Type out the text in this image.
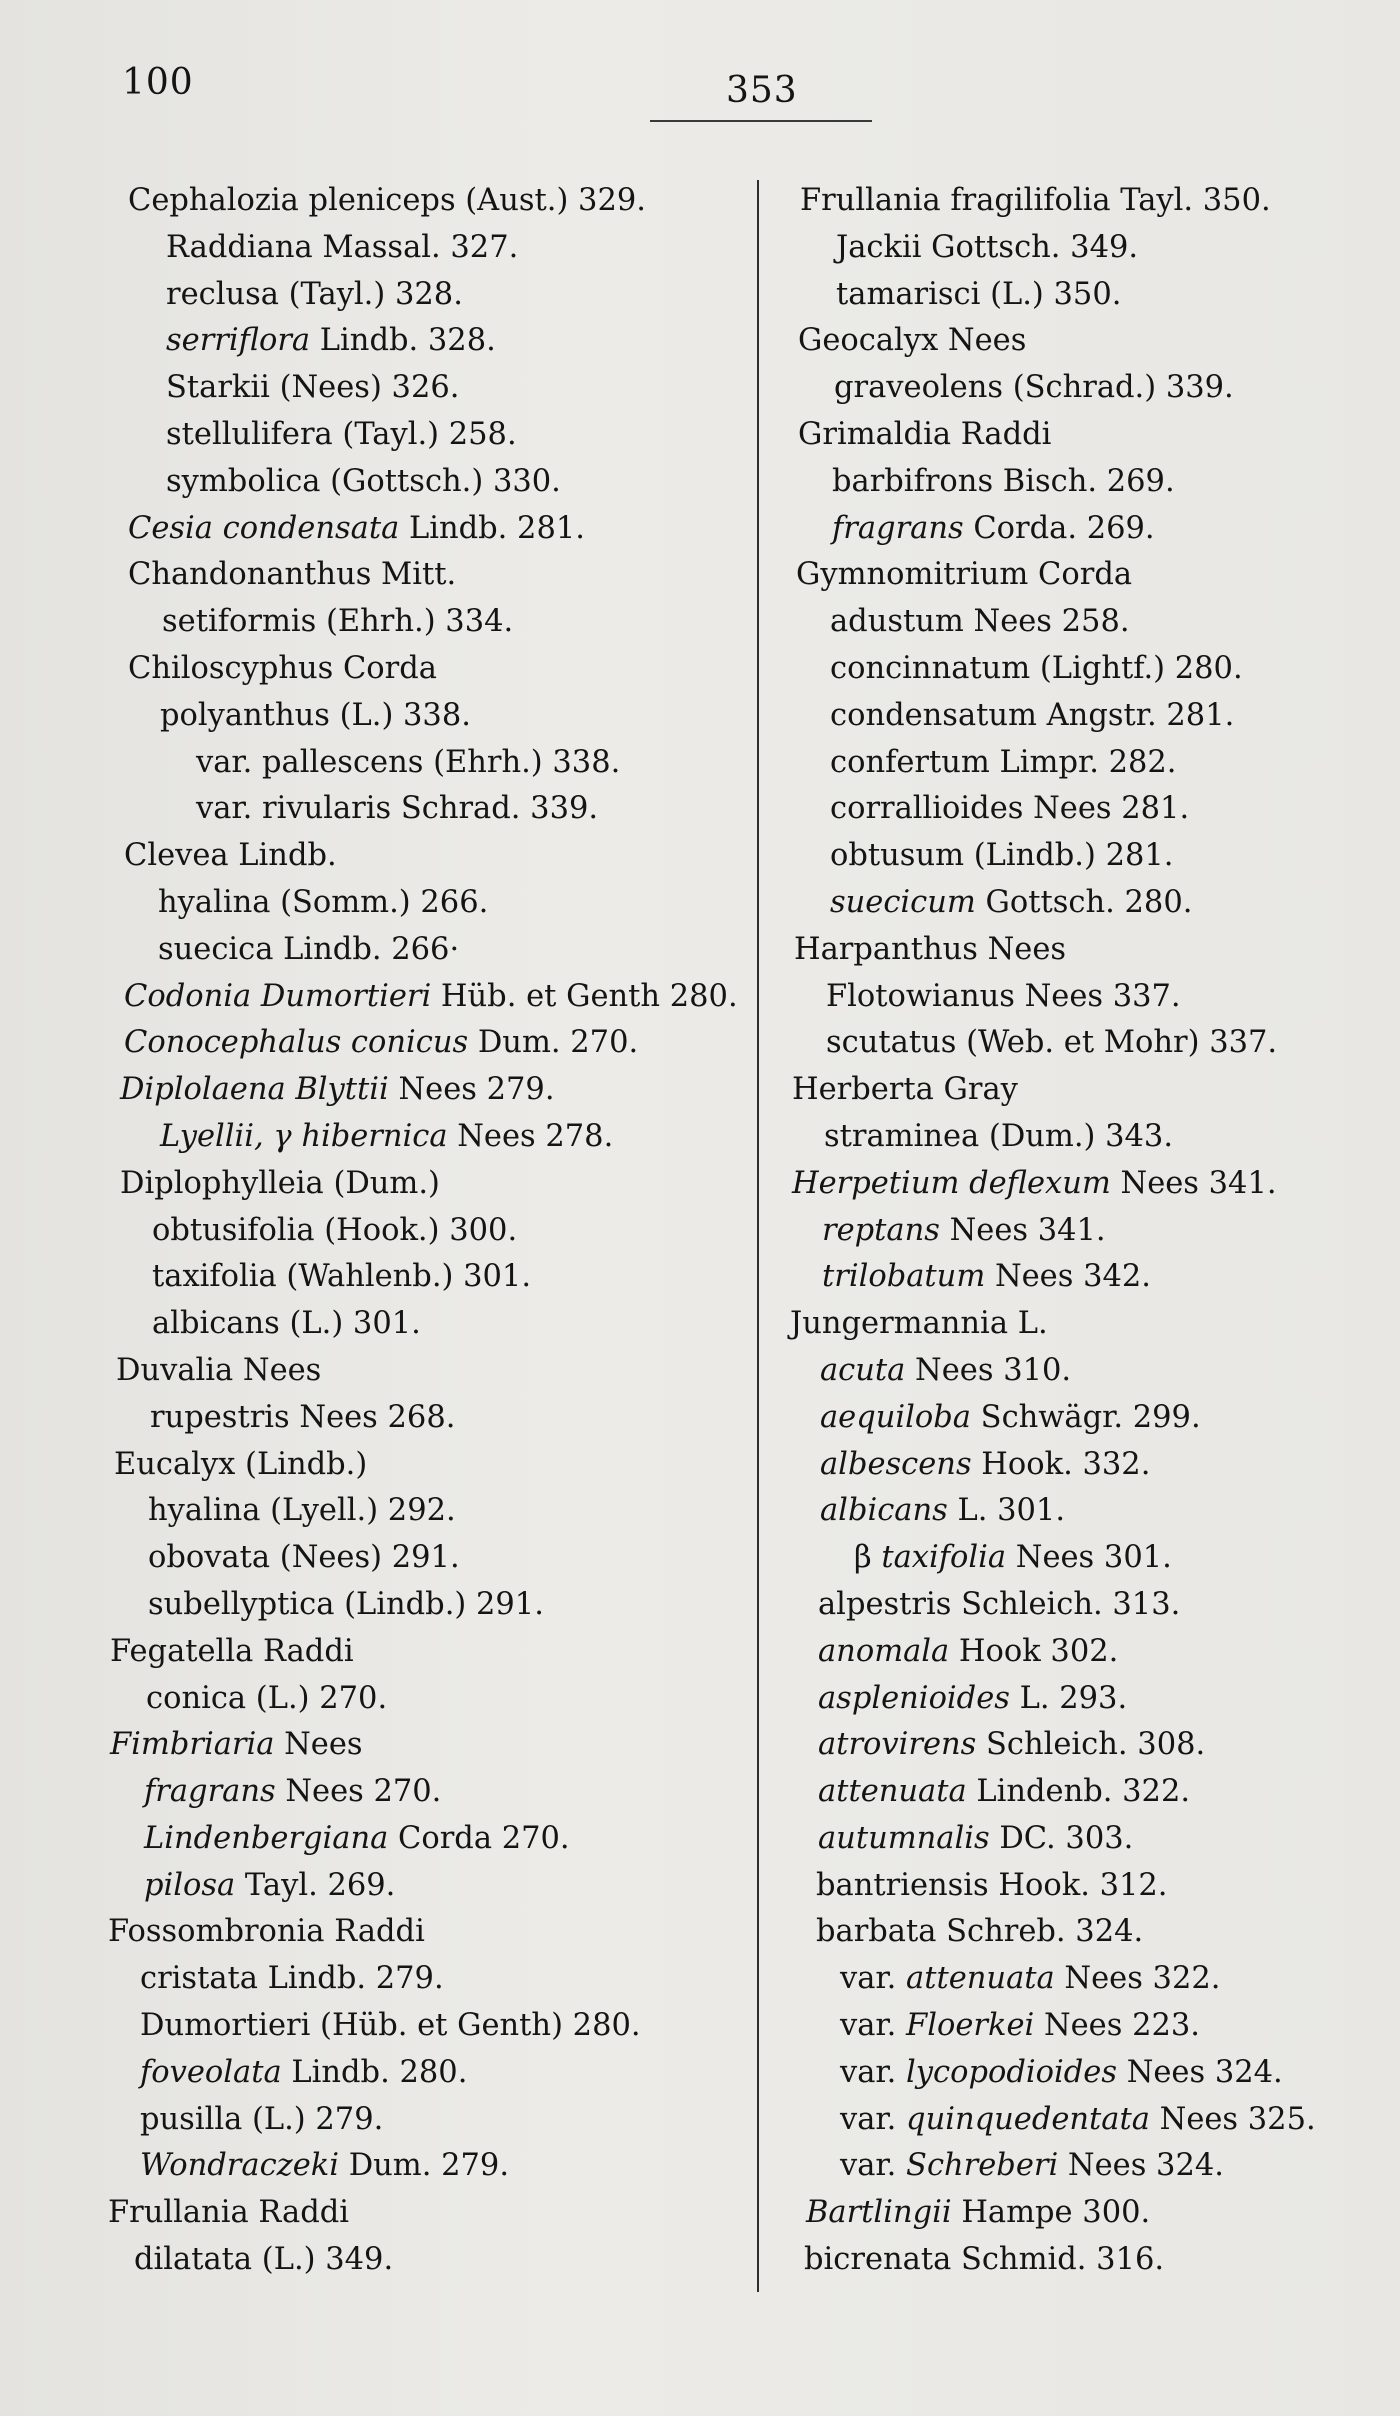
100	353
Cephalozia pleniceps (Aust.) 329.
Raddiana Massal. 327.
reclusa (Tayl.) 328.
serriflora Lindb. 328.
Starkii (Nees) 326.
stellulifera (Tayl.) 258.
symbolica (Gottsch.) 330.
Cesia condensata Lindb. 281.
Chandonanthus Mitt.
setiformis (Ehrh.) 334.
Chiloscyphus Corda
polyanthus (L.) 338.
var. pallescens (Ehrh.) 338.
var. rivularis Schrad. 339.
Clevea Lindb.
hyalina (Somm.) 266.
suecica Lindb. 266·
Codonia Dumortieri Hüb. et Genth 280.
Conocephalus conicus Dum. 270.
Diplolaena Blyttii Nees 279.
Lyellii, γ hibernica Nees 278.
Diplophylleia (Dum.)
obtusifolia (Hook.) 300.
taxifolia (Wahlenb.) 301.
albicans (L.) 301.
Duvalia Nees
rupestris Nees 268.
Eucalyx (Lindb.)
hyalina (Lyell.) 292.
obovata (Nees) 291.
subellyptica (Lindb.) 291.
Fegatella Raddi
conica (L.) 270.
Fimbriaria Nees
fragrans Nees 270.
Lindenbergiana Corda 270.
pilosa Tayl. 269.
Fossombronia Raddi
cristata Lindb. 279.
Dumortieri (Hüb. et Genth) 280.
foveolata Lindb. 280.
pusilla (L.) 279.
Wondraczeki Dum. 279.
Frullania Raddi
dilatata (L.) 349.
Frullania fragilifolia Tayl. 350.
Jackii Gottsch. 349.
tamarisci (L.) 350.
Geocalyx Nees
graveolens (Schrad.) 339.
Grimaldia Raddi
barbifrons Bisch. 269.
fragrans Corda. 269.
Gymnomitrium Corda
adustum Nees 258.
concinnatum (Lightf.) 280.
condensatum Angstr. 281.
confertum Limpr. 282.
corrallioides Nees 281.
obtusum (Lindb.) 281.
suecicum Gottsch. 280.
Harpanthus Nees
Flotowianus Nees 337.
scutatus (Web. et Mohr) 337.
Herberta Gray
straminea (Dum.) 343.
Herpetium deflexum Nees 341.
reptans Nees 341.
trilobatum Nees 342.
Jungermannia L.
acuta Nees 310.
aequiloba Schwägr. 299.
albescens Hook. 332.
albicans L. 301.
β taxifolia Nees 301.
alpestris Schleich. 313.
anomala Hook 302.
asplenioides L. 293.
atrovirens Schleich. 308.
attenuata Lindenb. 322.
autumnalis DC. 303.
bantriensis Hook. 312.
barbata Schreb. 324.
var. attenuata Nees 322.
var. Floerkei Nees 223.
var. lycopodioides Nees 324.
var. quinquedentata Nees 325.
var. Schreberi Nees 324.
Bartlingii Hampe 300.
bicrenata Schmid. 316.
